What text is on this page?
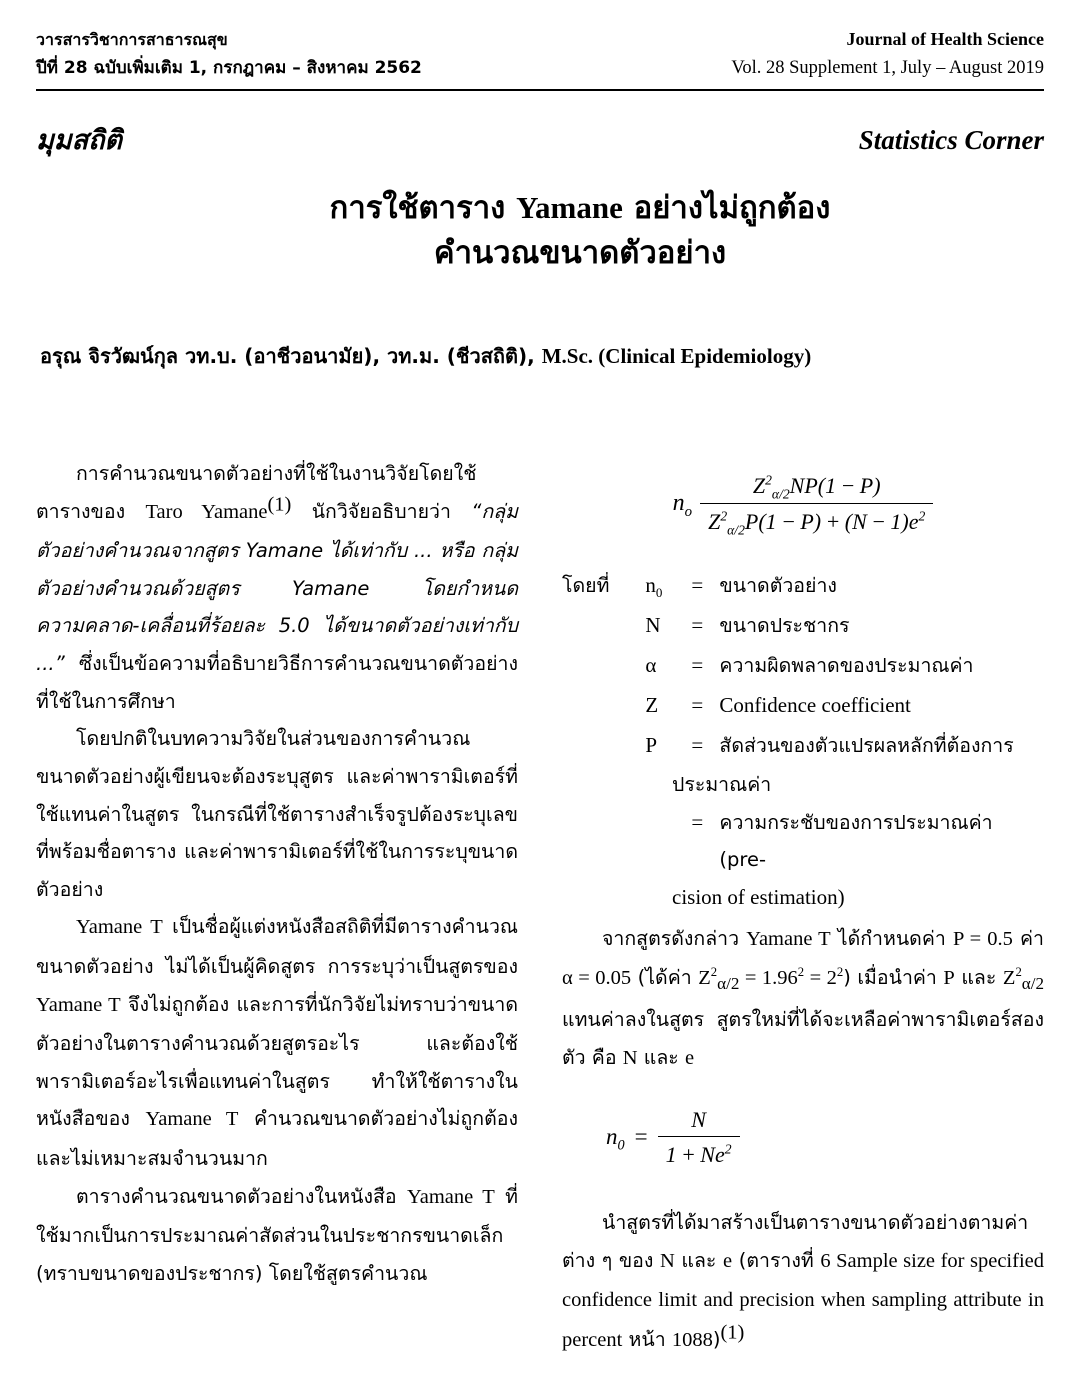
วารสารวิชาการสาธารณสุข	Journal of Health Science
ปีที่ 28 ฉบับเพิ่มเติม 1, กรกฎาคม – สิงหาคม 2562	Vol. 28 Supplement 1, July – August 2019
มุมสถิติ	Statistics Corner
การใช้ตาราง Yamane อย่างไม่ถูกต้อง
คำนวณขนาดตัวอย่าง
อรุณ จิรวัฒน์กุล วท.บ. (อาชีวอนามัย), วท.ม. (ชีวสถิติ), M.Sc. (Clinical Epidemiology)

การคำนวณขนาดตัวอย่างที่ใช้ในงานวิจัยโดยใช้ตารางของ Taro Yamane$^{(1)}$ นักวิจัยอธิบายว่า “กลุ่มตัวอย่างคำนวณจากสูตร Yamane ได้เท่ากับ ... หรือ กลุ่มตัวอย่างคำนวณด้วยสูตร Yamane โดยกำหนดความคลาด-เคลื่อนที่ร้อยละ 5.0 ได้ขนาดตัวอย่างเท่ากับ ...” ซึ่งเป็นข้อความที่อธิบายวิธีการคำนวณขนาดตัวอย่างที่ใช้ในการศึกษา

โดยปกติในบทความวิจัยในส่วนของการคำนวณขนาดตัวอย่างผู้เขียนจะต้องระบุสูตร และค่าพารามิเตอร์ที่ใช้แทนค่าในสูตร ในกรณีที่ใช้ตารางสำเร็จรูปต้องระบุเลขที่พร้อมชื่อตาราง และค่าพารามิเตอร์ที่ใช้ในการระบุขนาดตัวอย่าง

Yamane T เป็นชื่อผู้แต่งหนังสือสถิติที่มีตารางคำนวณขนาดตัวอย่าง ไม่ได้เป็นผู้คิดสูตร การระบุว่าเป็นสูตรของ Yamane T จึงไม่ถูกต้อง และการที่นักวิจัยไม่ทราบว่าขนาดตัวอย่างในตารางคำนวณด้วยสูตรอะไร และต้องใช้พารามิเตอร์อะไรเพื่อแทนค่าในสูตร ทำให้ใช้ตารางในหนังสือของ Yamane T คำนวณขนาดตัวอย่างไม่ถูกต้อง และไม่เหมาะสมจำนวนมาก

ตารางคำนวณขนาดตัวอย่างในหนังสือ Yamane T ที่ใช้มากเป็นการประมาณค่าสัดส่วนในประชากรขนาดเล็ก (ทราบขนาดของประชากร) โดยใช้สูตรคำนวณ

$n_o \frac{Z^2_{\alpha/2}NP(1 - P)}{Z^2_{\alpha/2}P(1 - P) + (N - 1)e^2}$
โดยที่	$n_0$	= ขนาดตัวอย่าง
N	= ขนาดประชากร
α	= ความผิดพลาดของประมาณค่า
Z	= Confidence coefficient
P	= สัดส่วนของตัวแปรผลหลักที่ต้องการ
ประมาณค่า
= ความกระชับของการประมาณค่า (pre-
cision of estimation)

จากสูตรดังกล่าว Yamane T ได้กำหนดค่า P = 0.5 ค่า α = 0.05 (ได้ค่า $Z^2_{\alpha/2} = 1.96^2 = 2^2$) เมื่อนำค่า P และ $Z^2_{\alpha/2}$ แทนค่าลงในสูตร สูตรใหม่ที่ได้จะเหลือค่าพารามิเตอร์สองตัว คือ N และ e

$n_0 = \frac{N}{1 + Ne^2}$

นำสูตรที่ได้มาสร้างเป็นตารางขนาดตัวอย่างตามค่าต่าง ๆ ของ N และ e (ตารางที่ 6 Sample size for specified confidence limit and precision when sampling attribute in percent หน้า 1088)$^{(1)}$
